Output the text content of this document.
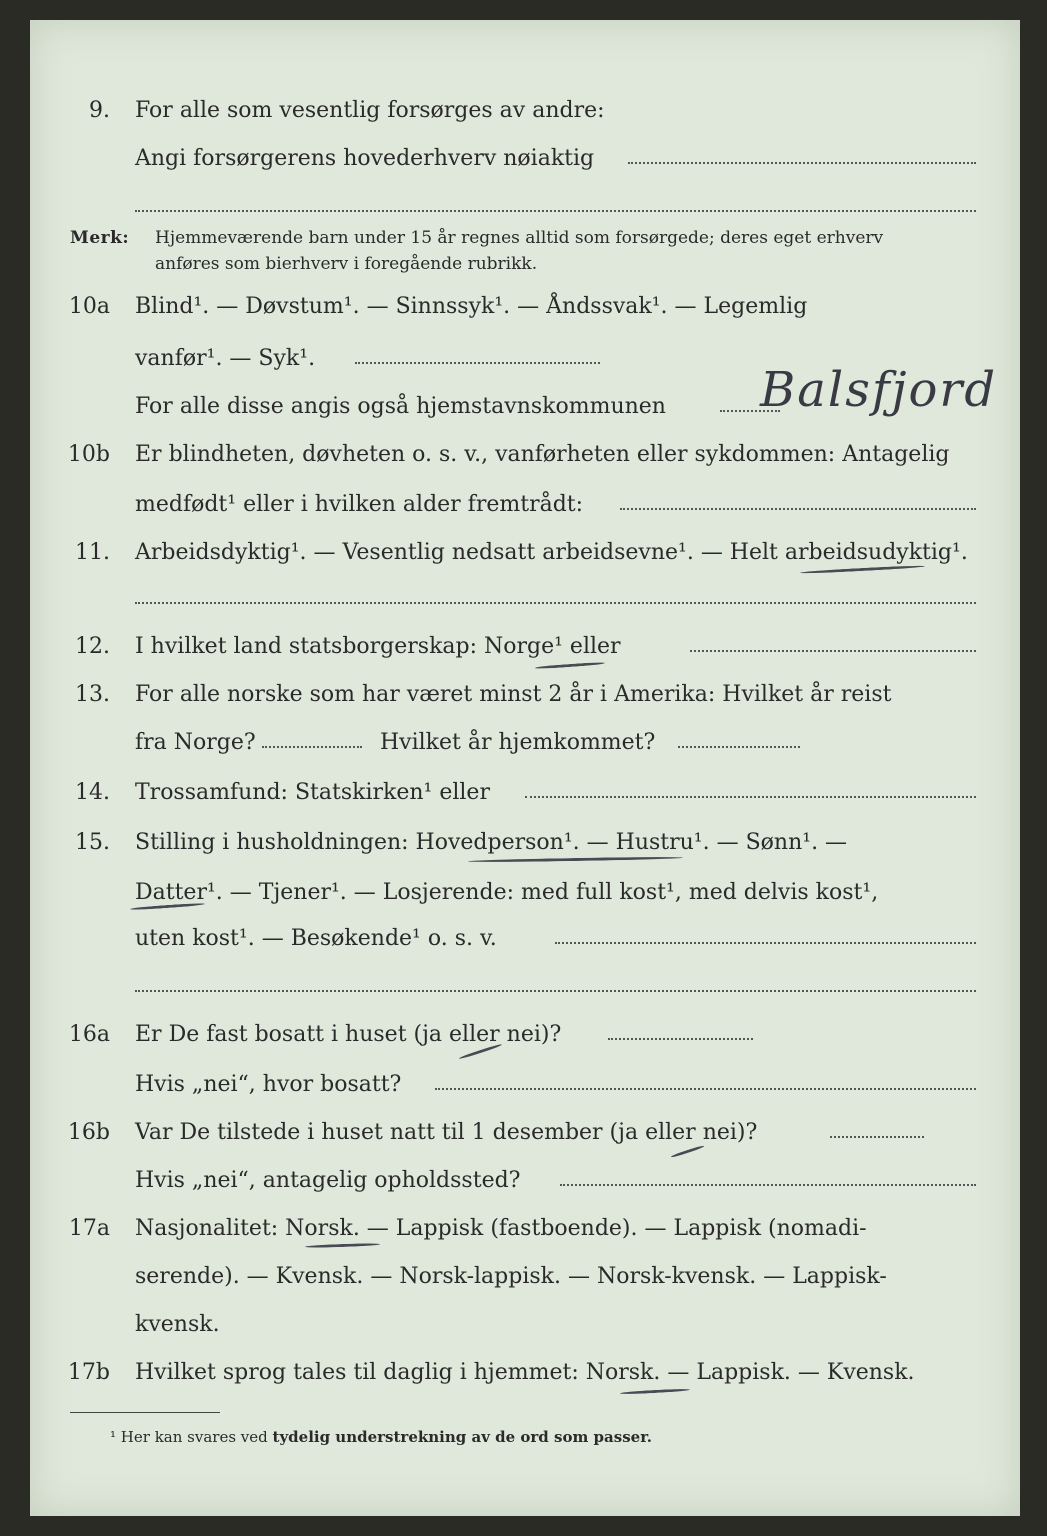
9. For alle som vesentlig forsørges av andre:
Angi forsørgerens hovederhverv nøiaktig
Merk: Hjemmeværende barn under 15 år regnes alltid som forsørgede; deres eget erhverv
anføres som bierhverv i foregående rubrikk.
10a Blind¹. — Døvstum¹. — Sinnssyk¹. — Åndssvak¹. — Legemlig
vanfør¹. — Syk¹.
For alle disse angis også hjemstavnskommunen Balsfjord
10b Er blindheten, døvheten o. s. v., vanførheten eller sykdommen: Antagelig
medfødt¹ eller i hvilken alder fremtrådt:
11. Arbeidsdyktig¹. — Vesentlig nedsatt arbeidsevne¹. — Helt arbeidsudyktig¹.
12. I hvilket land statsborgerskap: Norge¹ eller
13. For alle norske som har været minst 2 år i Amerika: Hvilket år reist
fra Norge?	Hvilket år hjemkommet?
14. Trossamfund: Statskirken¹ eller
15. Stilling i husholdningen: Hovedperson¹. — Hustru¹. — Sønn¹. —
Datter¹. — Tjener¹. — Losjerende: med full kost¹, med delvis kost¹,
uten kost¹. — Besøkende¹ o. s. v.
16a Er De fast bosatt i huset (ja eller nei)?
Hvis „nei“, hvor bosatt?
16b Var De tilstede i huset natt til 1 desember (ja eller nei)?
Hvis „nei“, antagelig opholdssted?
17a Nasjonalitet: Norsk. — Lappisk (fastboende). — Lappisk (nomadi-
serende). — Kvensk. — Norsk-lappisk. — Norsk-kvensk. — Lappisk-
kvensk.
17b Hvilket sprog tales til daglig i hjemmet: Norsk. — Lappisk. — Kvensk.
¹ Her kan svares ved tydelig understrekning av de ord som passer.
